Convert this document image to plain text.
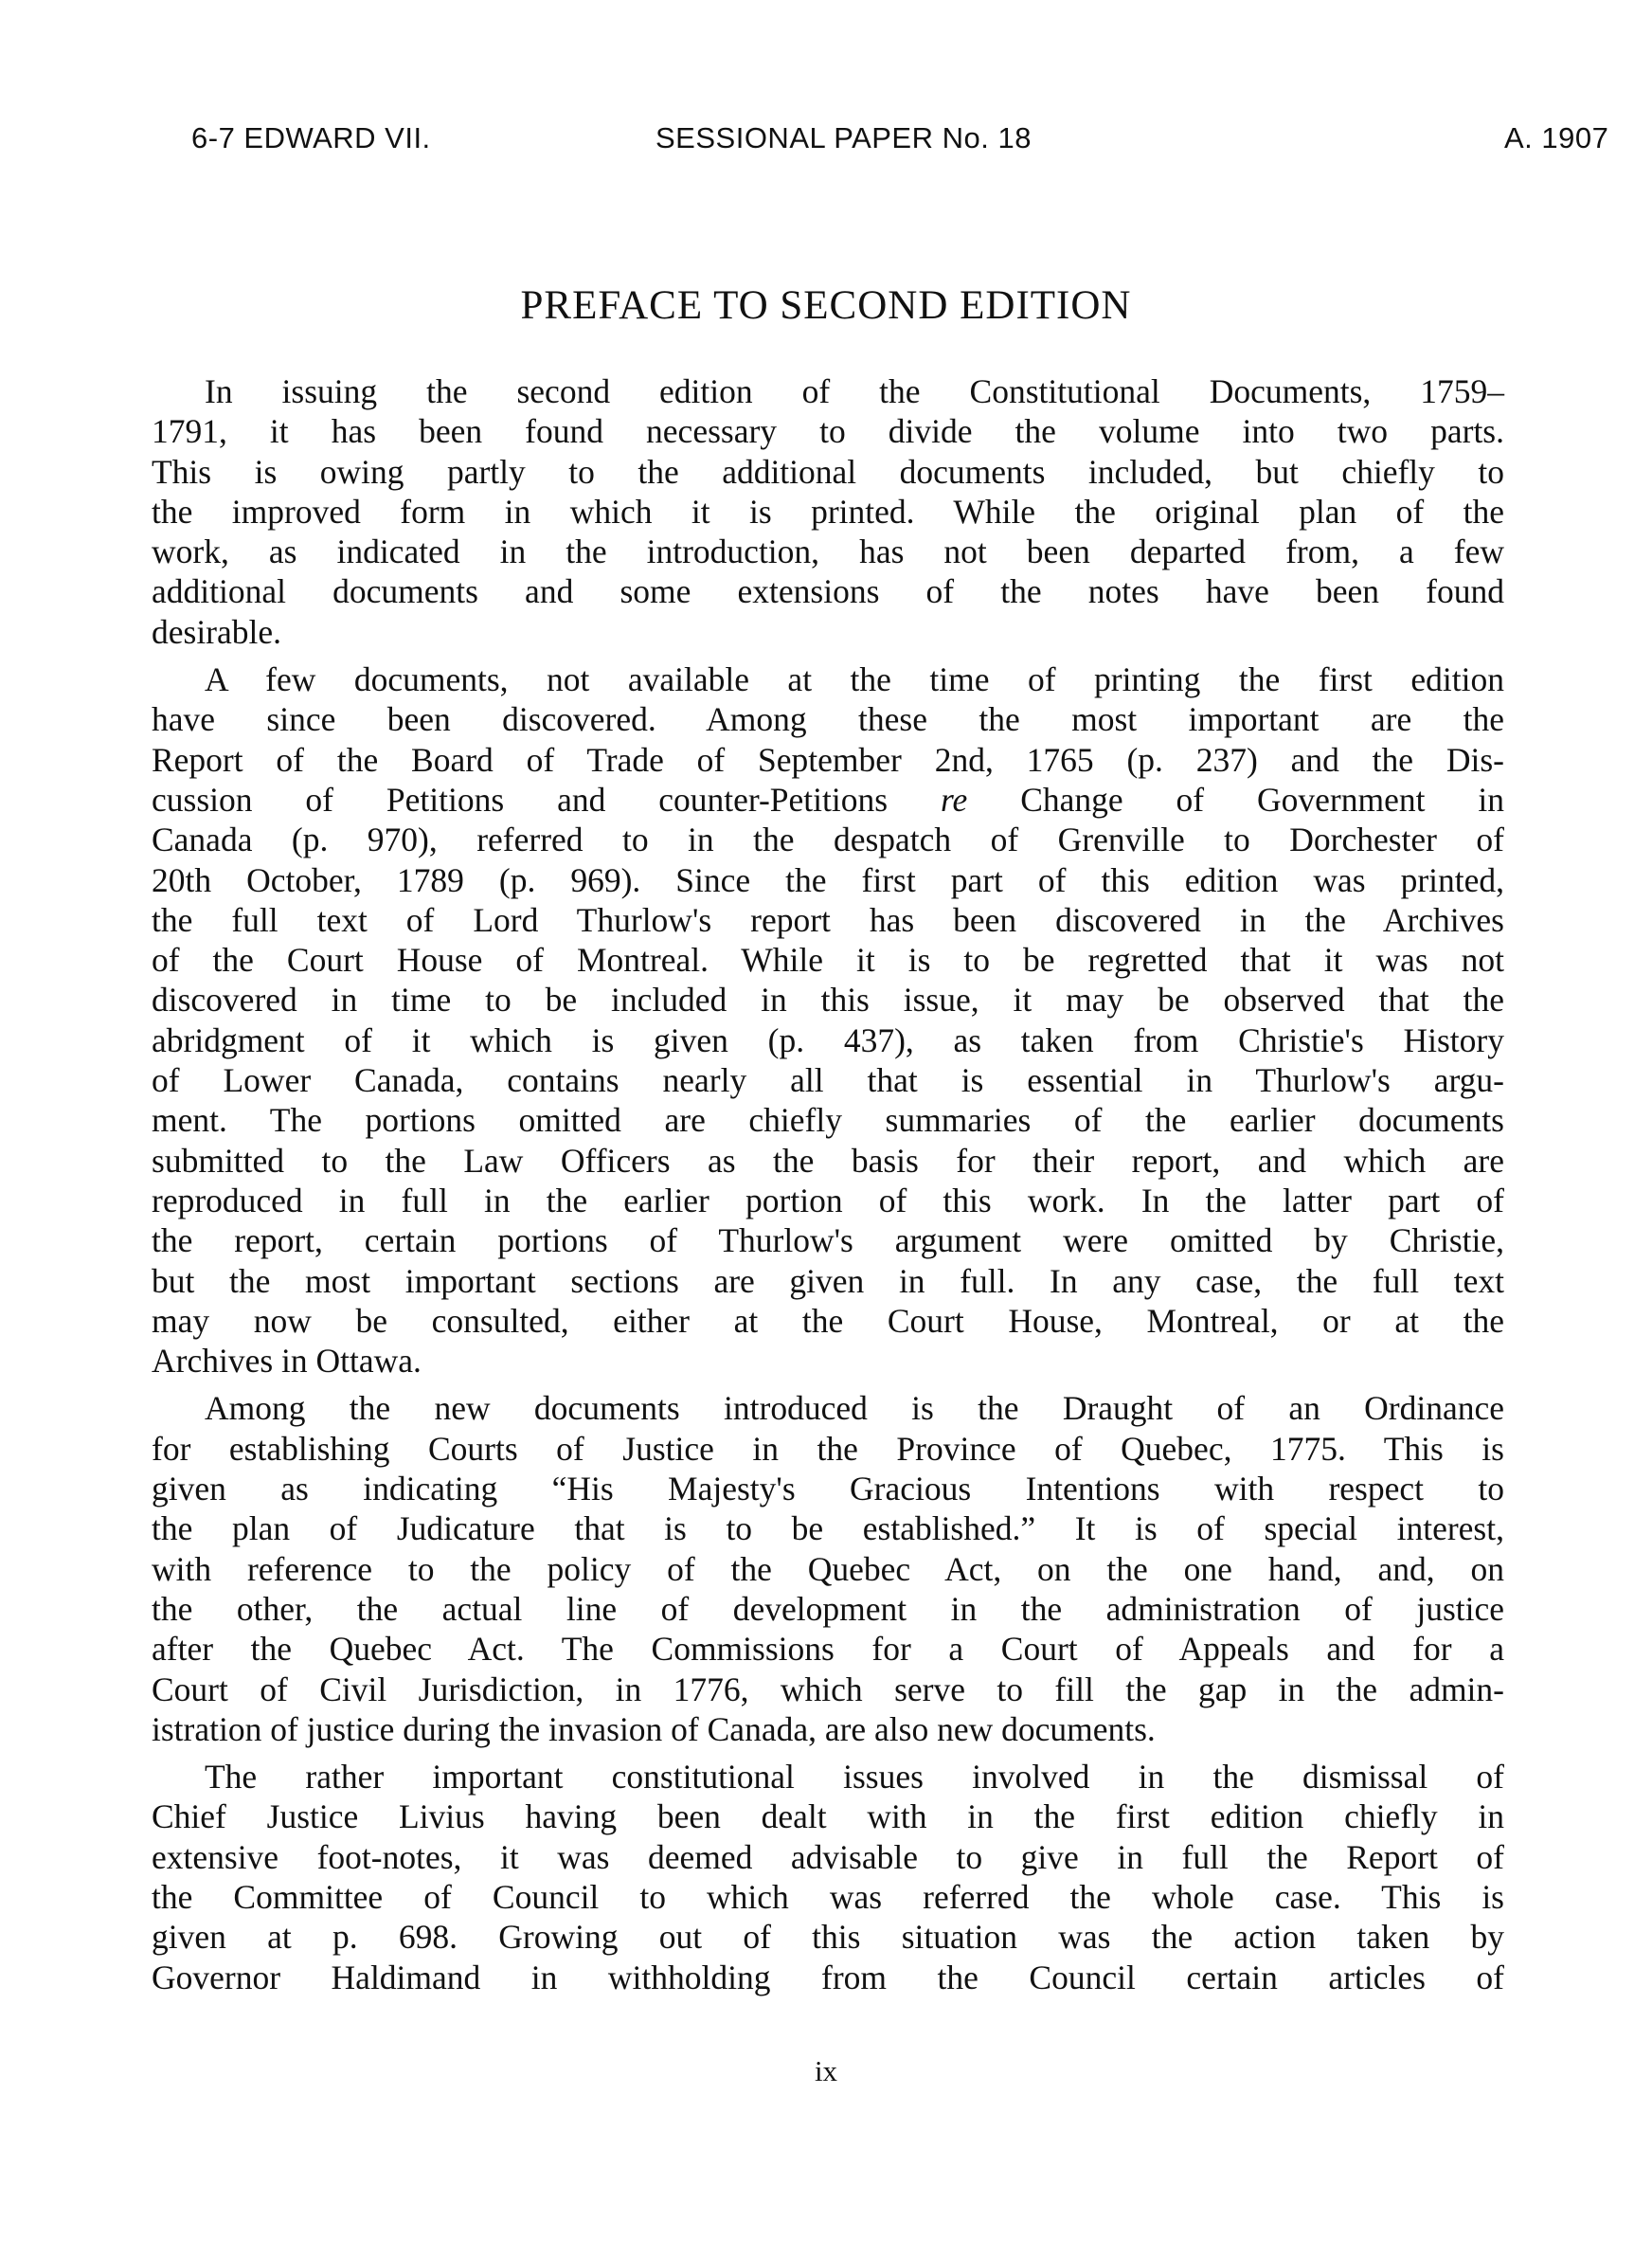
6-7 EDWARD VII.	SESSIONAL PAPER No. 18	A. 1907
PREFACE TO SECOND EDITION
In issuing the second edition of the Constitutional Documents, 1759–
1791, it has been found necessary to divide the volume into two parts.
This is owing partly to the additional documents included, but chiefly to
the improved form in which it is printed. While the original plan of the
work, as indicated in the introduction, has not been departed from, a few
additional documents and some extensions of the notes have been found
desirable.
A few documents, not available at the time of printing the first edition
have since been discovered. Among these the most important are the
Report of the Board of Trade of September 2nd, 1765 (p. 237) and the Dis-
cussion of Petitions and counter-Petitions re Change of Government in
Canada (p. 970), referred to in the despatch of Grenville to Dorchester of
20th October, 1789 (p. 969). Since the first part of this edition was printed,
the full text of Lord Thurlow's report has been discovered in the Archives
of the Court House of Montreal. While it is to be regretted that it was not
discovered in time to be included in this issue, it may be observed that the
abridgment of it which is given (p. 437), as taken from Christie's History
of Lower Canada, contains nearly all that is essential in Thurlow's argu-
ment. The portions omitted are chiefly summaries of the earlier documents
submitted to the Law Officers as the basis for their report, and which are
reproduced in full in the earlier portion of this work. In the latter part of
the report, certain portions of Thurlow's argument were omitted by Christie,
but the most important sections are given in full. In any case, the full text
may now be consulted, either at the Court House, Montreal, or at the
Archives in Ottawa.
Among the new documents introduced is the Draught of an Ordinance
for establishing Courts of Justice in the Province of Quebec, 1775. This is
given as indicating “His Majesty's Gracious Intentions with respect to
the plan of Judicature that is to be established.” It is of special interest,
with reference to the policy of the Quebec Act, on the one hand, and, on
the other, the actual line of development in the administration of justice
after the Quebec Act. The Commissions for a Court of Appeals and for a
Court of Civil Jurisdiction, in 1776, which serve to fill the gap in the admin-
istration of justice during the invasion of Canada, are also new documents.
The rather important constitutional issues involved in the dismissal of
Chief Justice Livius having been dealt with in the first edition chiefly in
extensive foot-notes, it was deemed advisable to give in full the Report of
the Committee of Council to which was referred the whole case. This is
given at p. 698. Growing out of this situation was the action taken by
Governor Haldimand in withholding from the Council certain articles of
ix
